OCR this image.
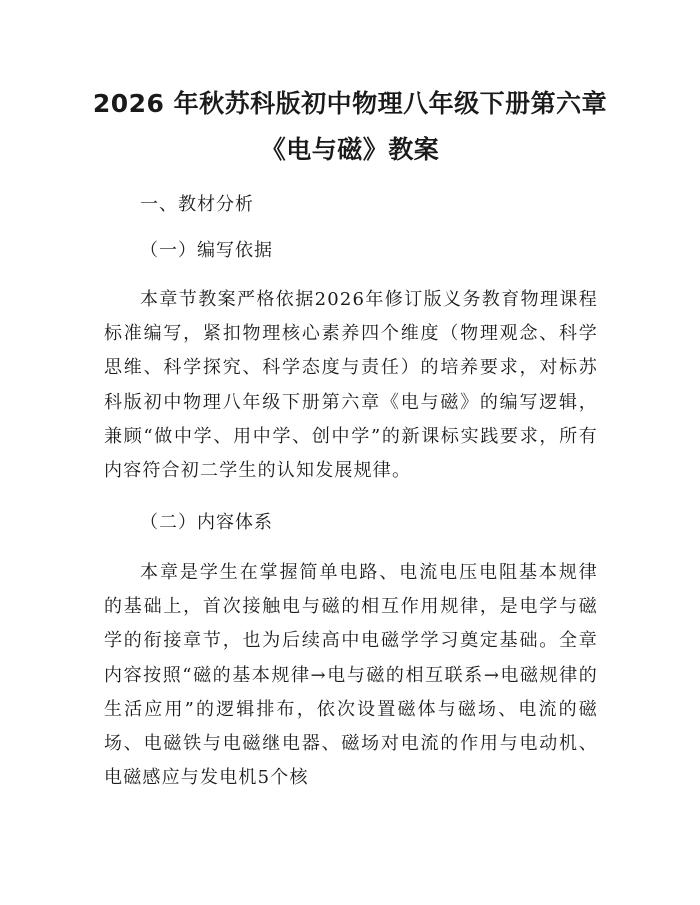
2026 年秋苏科版初中物理八年级下册第六章
《电与磁》教案
一、教材分析
（一）编写依据

本章节教案严格依据2026年修订版义务教育物理课程标准编写，紧扣物理核心素养四个维度（物理观念、科学思维、科学探究、科学态度与责任）的培养要求，对标苏科版初中物理八年级下册第六章《电与磁》的编写逻辑，兼顾“做中学、用中学、创中学”的新课标实践要求，所有内容符合初二学生的认知发展规律。

（二）内容体系

本章是学生在掌握简单电路、电流电压电阻基本规律的基础上，首次接触电与磁的相互作用规律，是电学与磁学的衔接章节，也为后续高中电磁学学习奠定基础。全章内容按照“磁的基本规律→电与磁的相互联系→电磁规律的生活应用”的逻辑排布，依次设置磁体与磁场、电流的磁场、电磁铁与电磁继电器、磁场对电流的作用与电动机、电磁感应与发电机5个核
